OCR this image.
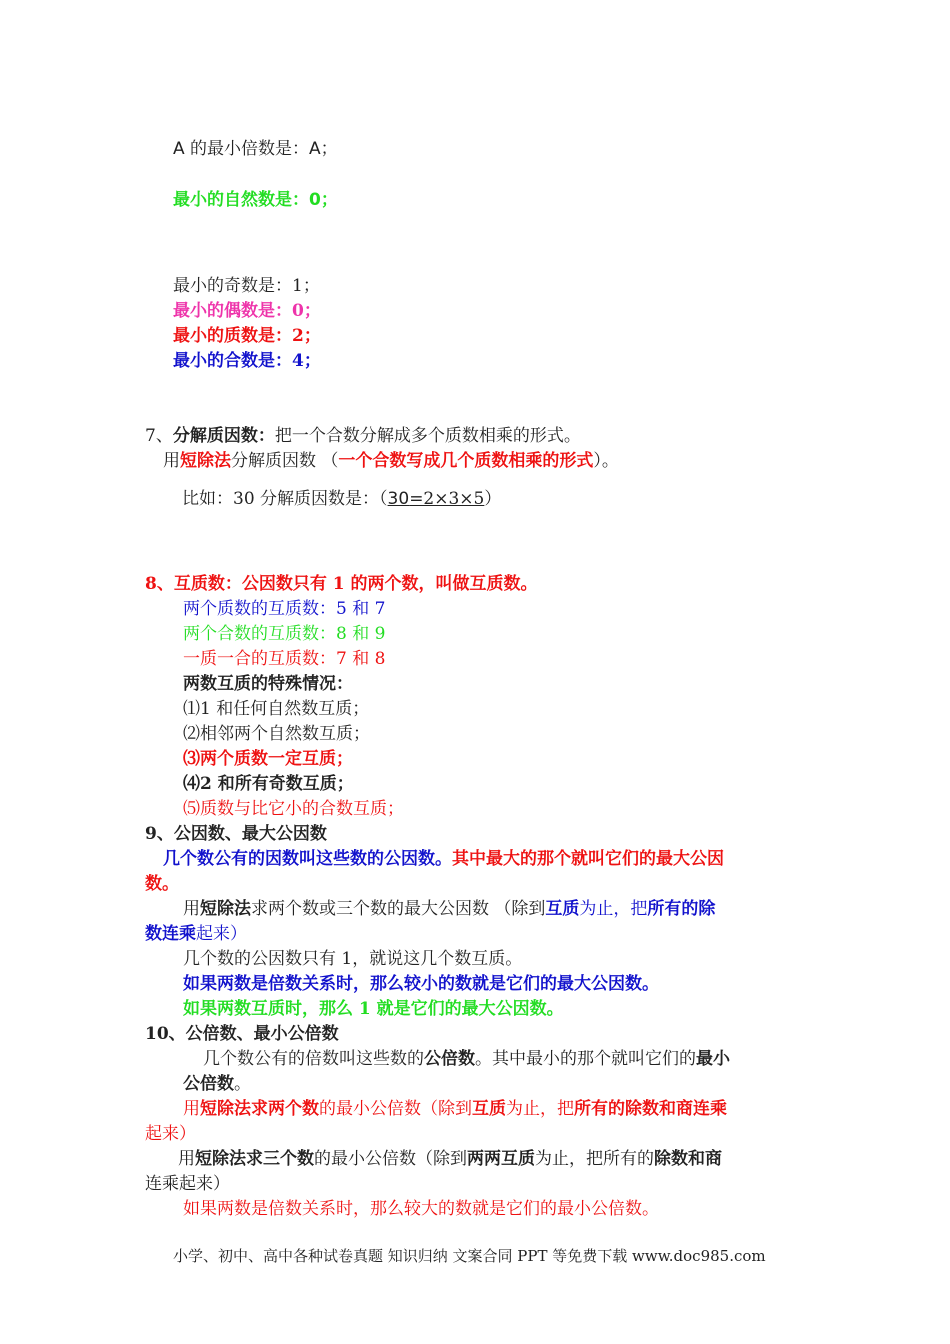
A 的最小倍数是：A；
最小的自然数是：0；
最小的奇数是：1；
最小的偶数是：0；
最小的质数是：2；
最小的合数是：4；
7、分解质因数：把一个合数分解成多个质数相乘的形式。
用短除法分解质因数 （一个合数写成几个质数相乘的形式）。
比如：30 分解质因数是：（30=2×3×5）
8、互质数：公因数只有 1 的两个数，叫做互质数。
两个质数的互质数：5 和 7
两个合数的互质数：8 和 9
一质一合的互质数：7 和 8
两数互质的特殊情况：
⑴1 和任何自然数互质；
⑵相邻两个自然数互质；
⑶两个质数一定互质；
⑷2 和所有奇数互质；
⑸质数与比它小的合数互质；
9、公因数、最大公因数
几个数公有的因数叫这些数的公因数。其中最大的那个就叫它们的最大公因
数。
用短除法求两个数或三个数的最大公因数 （除到互质为止，把所有的除
数连乘起来）
几个数的公因数只有 1，就说这几个数互质。
如果两数是倍数关系时，那么较小的数就是它们的最大公因数。
如果两数互质时，那么 1 就是它们的最大公因数。
10、公倍数、最小公倍数
几个数公有的倍数叫这些数的公倍数。其中最小的那个就叫它们的最小
公倍数。
用短除法求两个数的最小公倍数（除到互质为止，把所有的除数和商连乘
起来）
用短除法求三个数的最小公倍数（除到两两互质为止，把所有的除数和商
连乘起来）
如果两数是倍数关系时，那么较大的数就是它们的最小公倍数。
小学、初中、高中各种试卷真题 知识归纳 文案合同 PPT 等免费下载 www.doc985.com
